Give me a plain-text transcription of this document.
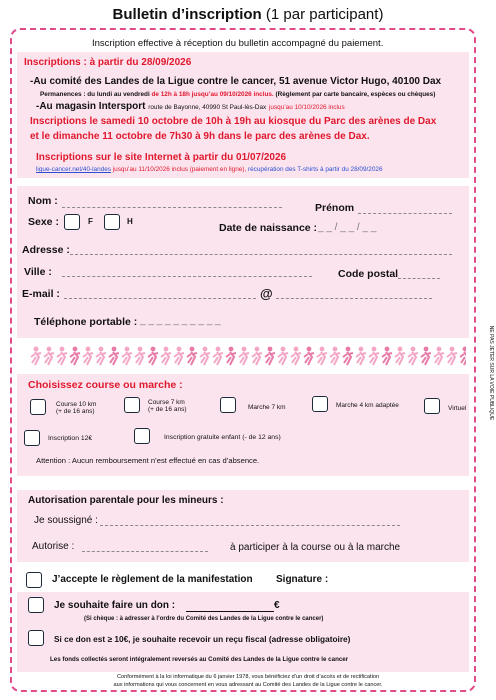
Bulletin d’inscription (1 par participant)
Inscription effective à réception du bulletin accompagné du paiement.
Inscriptions : à partir du 28/09/2026
-Au comité des Landes de la Ligue contre le cancer, 51 avenue Victor Hugo, 40100 Dax
Permanences : du lundi au vendredi de 12h à 18h jusqu’au 09/10/2026 inclus. (Règlement par carte bancaire, espèces ou chèques)
-Au magasin Intersport route de Bayonne, 40990 St Paul-lès-Dax jusqu’au 10/10/2026 inclus
Inscriptions le samedi 10 octobre de 10h à 19h au kiosque du Parc des arènes de Dax
et le dimanche 11 octobre de 7h30 à 9h dans le parc des arènes de Dax.
Inscriptions sur le site Internet à partir du 01/07/2026
ligue-cancer.net/40-landes jusqu’au 11/10/2026 inclus (paiement en ligne), récupération des T-shirts à partir du 28/09/2026
Nom :
Prénom
Sexe :	F	H
Date de naissance : _ _ / _ _ / _ _
Adresse :
Ville :	Code postal
E-mail :	@
Téléphone portable : _ _ _ _ _ _ _ _ _ _
Choisissez course ou marche :
Course 10 km
(+ de 16 ans)
Course 7 km
(+ de 16 ans)	Marche 7 km	Marche 4 km adaptée	Virtuel
Inscription 12€	Inscription gratuite enfant (- de 12 ans)
Attention : Aucun remboursement n’est effectué en cas d’absence.
Autorisation parentale pour les mineurs :
Je soussigné :
Autorise :	à participer à la course ou à la marche
J’accepte le règlement de la manifestation Signature :
Je souhaite faire un don :	€
(Si chèque : à adresser à l’ordre du Comité des Landes de la Ligue contre le cancer)
Si ce don est ≥ 10€, je souhaite recevoir un reçu fiscal (adresse obligatoire)
Les fonds collectés seront intégralement reversés au Comité des Landes de la Ligue contre le cancer
Conformément à la loi informatique du 6 janvier 1978, vous bénéficiez d’un droit d’accès et de rectification
aux informations qui vous concernent en vous adressant au Comité des Landes de la Ligue contre le cancer.
NE PAS JETER SUR LA VOIE PUBLIQUE
